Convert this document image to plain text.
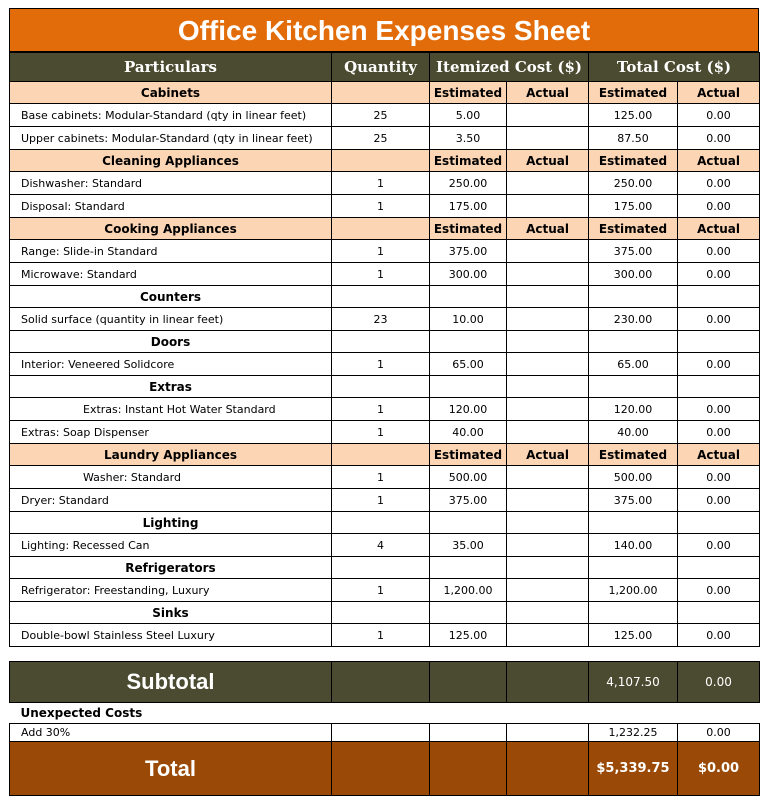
Office Kitchen Expenses Sheet
Particulars	Quantity	Itemized Cost ($)		Total Cost ($)	
Cabinets		Estimated	Actual	Estimated	Actual
Base cabinets: Modular-Standard (qty in linear feet)	25	5.00		125.00	0.00
Upper cabinets: Modular-Standard (qty in linear feet)	25	3.50		87.50	0.00
Cleaning Appliances		Estimated	Actual	Estimated	Actual
Dishwasher: Standard	1	250.00		250.00	0.00
Disposal: Standard	1	175.00		175.00	0.00
Cooking Appliances		Estimated	Actual	Estimated	Actual
Range: Slide-in Standard	1	375.00		375.00	0.00
Microwave: Standard	1	300.00		300.00	0.00
Counters					
Solid surface (quantity in linear feet)	23	10.00		230.00	0.00
Doors					
Interior: Veneered Solidcore	1	65.00		65.00	0.00
Extras					
Extras: Instant Hot Water Standard	1	120.00		120.00	0.00
Extras: Soap Dispenser	1	40.00		40.00	0.00
Laundry Appliances		Estimated	Actual	Estimated	Actual
Washer: Standard	1	500.00		500.00	0.00
Dryer: Standard	1	375.00		375.00	0.00
Lighting					
Lighting: Recessed Can	4	35.00		140.00	0.00
Refrigerators					
Refrigerator: Freestanding, Luxury	1	1,200.00		1,200.00	0.00
Sinks					
Double-bowl Stainless Steel Luxury	1	125.00		125.00	0.00
Subtotal				4,107.50	0.00
Unexpected Costs					
Add 30%				1,232.25	0.00
Total				$5,339.75	$0.00
